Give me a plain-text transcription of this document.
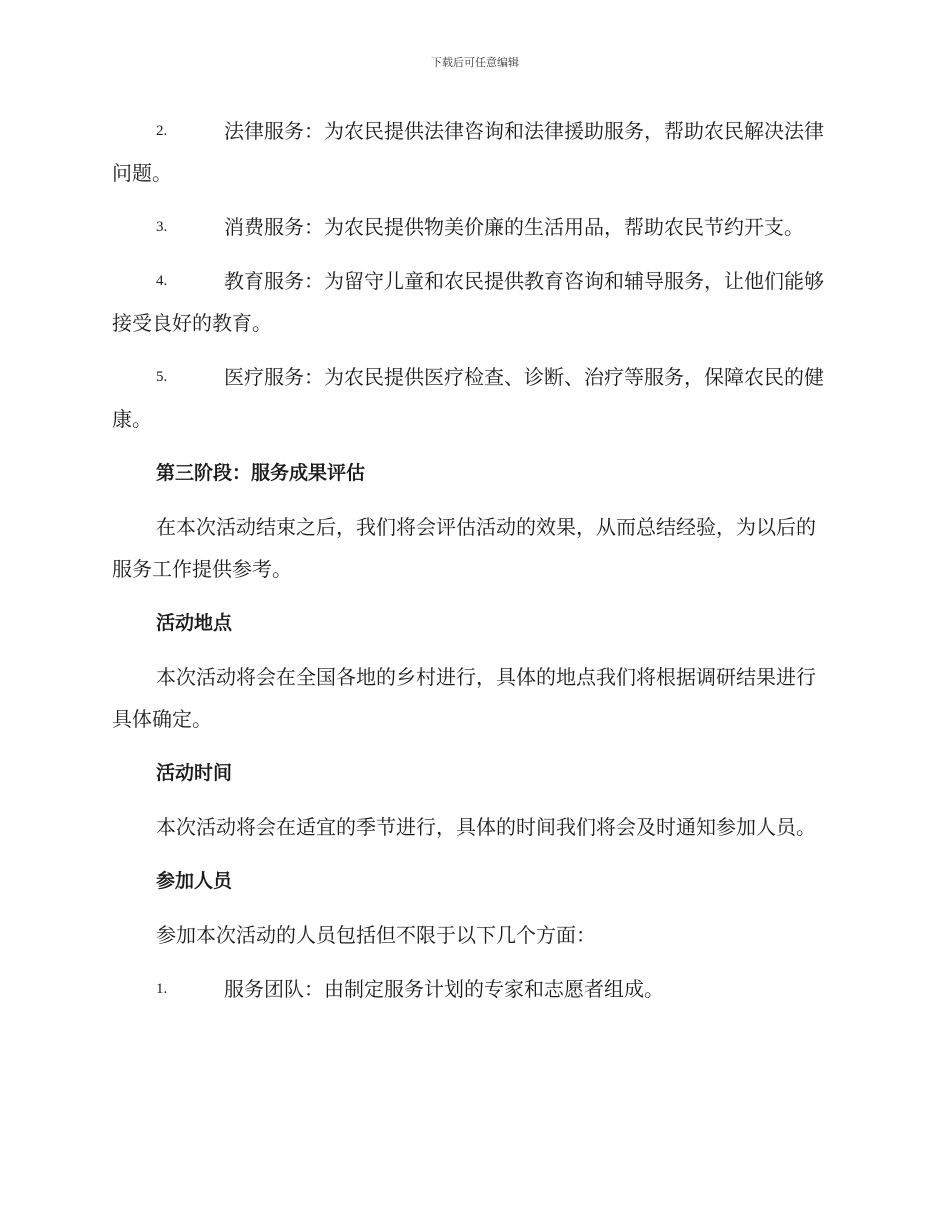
下载后可任意编辑
2.	法律服务：为农民提供法律咨询和法律援助服务，帮助农民解决法律问题。
3.	消费服务：为农民提供物美价廉的生活用品，帮助农民节约开支。
4.	教育服务：为留守儿童和农民提供教育咨询和辅导服务，让他们能够接受良好的教育。
5.	医疗服务：为农民提供医疗检查、诊断、治疗等服务，保障农民的健康。
第三阶段：服务成果评估
在本次活动结束之后，我们将会评估活动的效果，从而总结经验，为以后的服务工作提供参考。
活动地点
本次活动将会在全国各地的乡村进行，具体的地点我们将根据调研结果进行具体确定。
活动时间
本次活动将会在适宜的季节进行，具体的时间我们将会及时通知参加人员。
参加人员
参加本次活动的人员包括但不限于以下几个方面：
1.	服务团队：由制定服务计划的专家和志愿者组成。
